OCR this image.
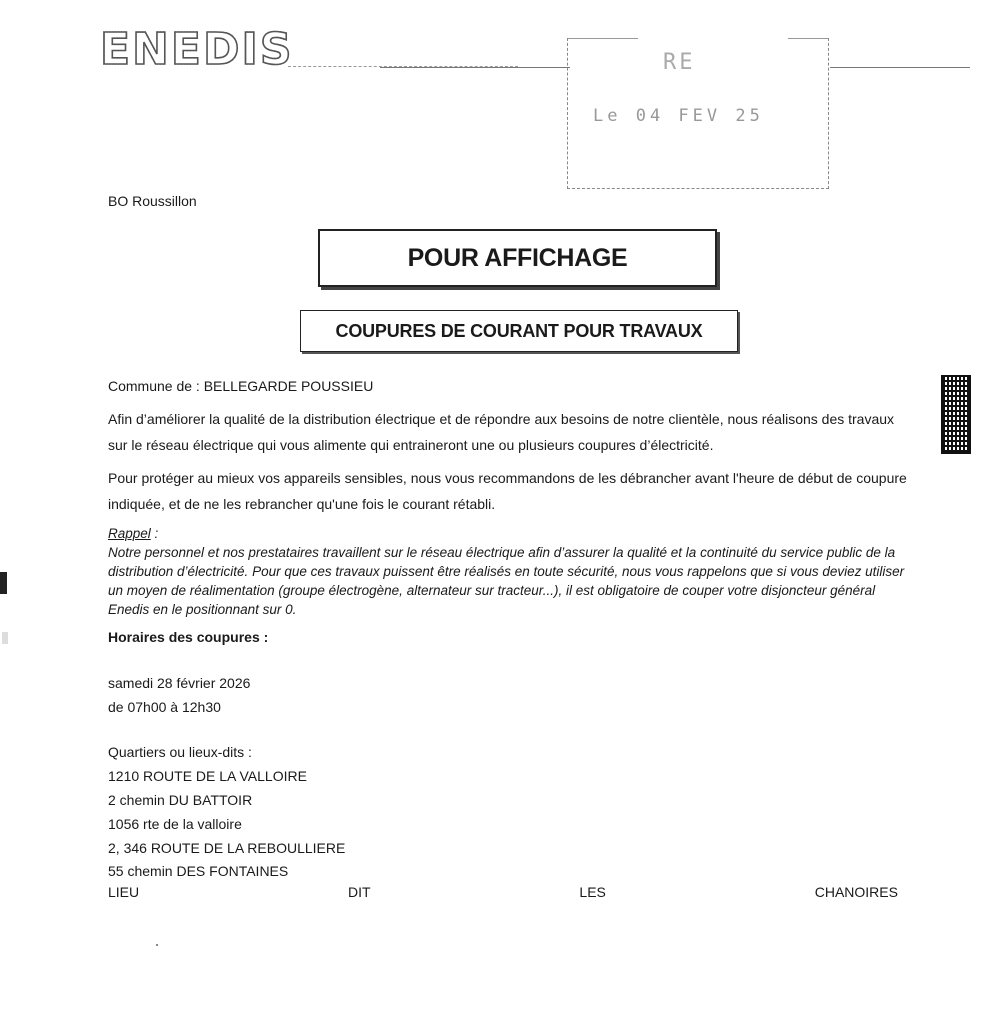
ENEDIS	RE
Le 04 FEV 25
BO Roussillon
POUR AFFICHAGE
COUPURES DE COURANT POUR TRAVAUX
Commune de : BELLEGARDE POUSSIEU
Afin d’améliorer la qualité de la distribution électrique et de répondre aux besoins de notre clientèle, nous réalisons des travaux sur le réseau électrique qui vous alimente qui entraineront une ou plusieurs coupures d’électricité.
Pour protéger au mieux vos appareils sensibles, nous vous recommandons de les débrancher avant l'heure de début de coupure indiquée, et de ne les rebrancher qu'une fois le courant rétabli.
Rappel :
Notre personnel et nos prestataires travaillent sur le réseau électrique afin d’assurer la qualité et la continuité du service public de la distribution d’électricité. Pour que ces travaux puissent être réalisés en toute sécurité, nous vous rappelons que si vous deviez utiliser un moyen de réalimentation (groupe électrogène, alternateur sur tracteur...), il est obligatoire de couper votre disjoncteur général Enedis en le positionnant sur 0.
Horaires des coupures :
samedi 28 février 2026
de 07h00 à 12h30
Quartiers ou lieux-dits :
1210 ROUTE DE LA VALLOIRE
2 chemin DU BATTOIR
1056 rte de la valloire
2, 346 ROUTE DE LA REBOULLIERE
55 chemin DES FONTAINES
LIEU	DIT	LES	CHANOIRES
